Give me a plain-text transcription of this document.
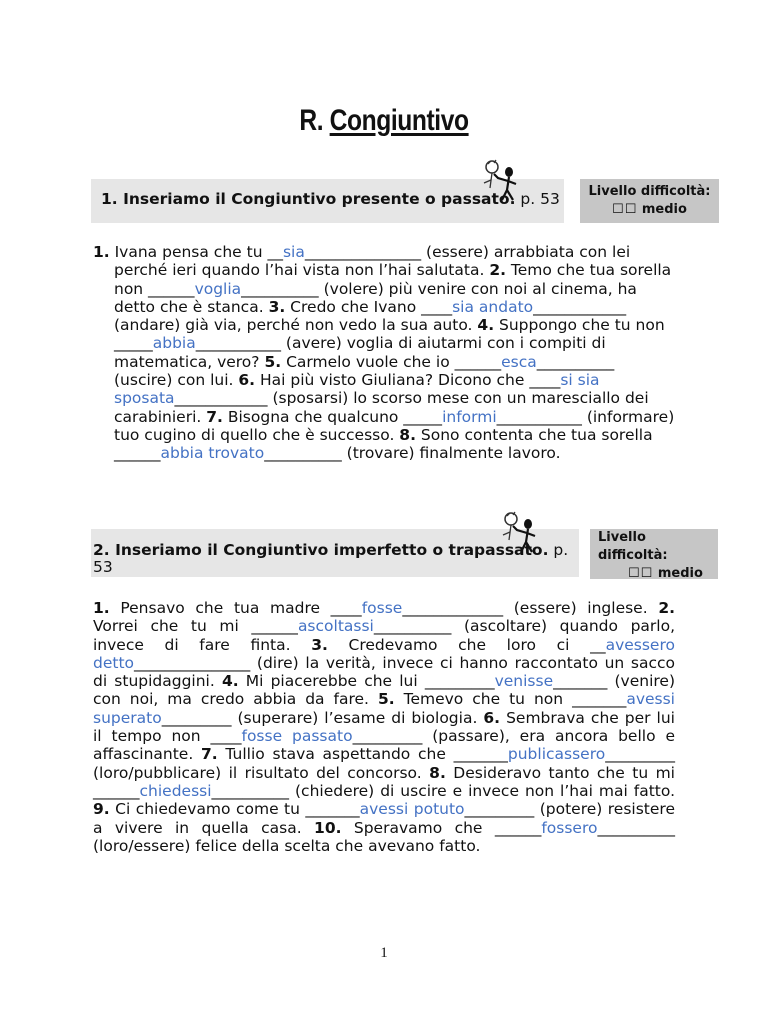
R. Congiuntivo
1. Inseriamo il Congiuntivo presente o passato. p. 53	Livello difficoltà:
☐☐ medio

1. Ivana pensa che tu __sia_______________ (essere) arrabbiata con lei perché ieri quando l’hai vista non l’hai salutata. 2. Temo che tua sorella non ______voglia__________ (volere) più venire con noi al cinema, ha detto che è stanca. 3. Credo che Ivano ____sia andato____________ (andare) già via, perché non vedo la sua auto. 4. Suppongo che tu non _____abbia___________ (avere) voglia di aiutarmi con i compiti di matematica, vero? 5. Carmelo vuole che io ______esca__________ (uscire) con lui. 6. Hai più visto Giuliana? Dicono che ____si sia sposata____________ (sposarsi) lo scorso mese con un maresciallo dei carabinieri. 7. Bisogna che qualcuno _____informi___________ (informare) tuo cugino di quello che è successo. 8. Sono contenta che tua sorella ______abbia trovato__________ (trovare) finalmente lavoro.

2. Inseriamo il Congiuntivo imperfetto o trapassato. p. 53
Livello
difficoltà:
☐☐ medio

1. Pensavo che tua madre ____fosse_____________ (essere) inglese. 2. Vorrei che tu mi ______ascoltassi__________ (ascoltare) quando parlo, invece di fare finta. 3. Credevamo che loro ci __avessero detto_______________ (dire) la verità, invece ci hanno raccontato un sacco di stupidaggini. 4. Mi piacerebbe che lui _________venisse_______ (venire) con noi, ma credo abbia da fare. 5. Temevo che tu non _______avessi superato_________ (superare) l’esame di biologia. 6. Sembrava che per lui il tempo non ____fosse passato_________ (passare), era ancora bello e affascinante. 7. Tullio stava aspettando che _______publicassero_________ (loro/pubblicare) il risultato del concorso. 8. Desideravo tanto che tu mi ______chiedessi__________ (chiedere) di uscire e invece non l’hai mai fatto. 9. Ci chiedevamo come tu _______avessi potuto_________ (potere) resistere a vivere in quella casa. 10. Speravamo che ______fossero__________ (loro/essere) felice della scelta che avevano fatto.

1
